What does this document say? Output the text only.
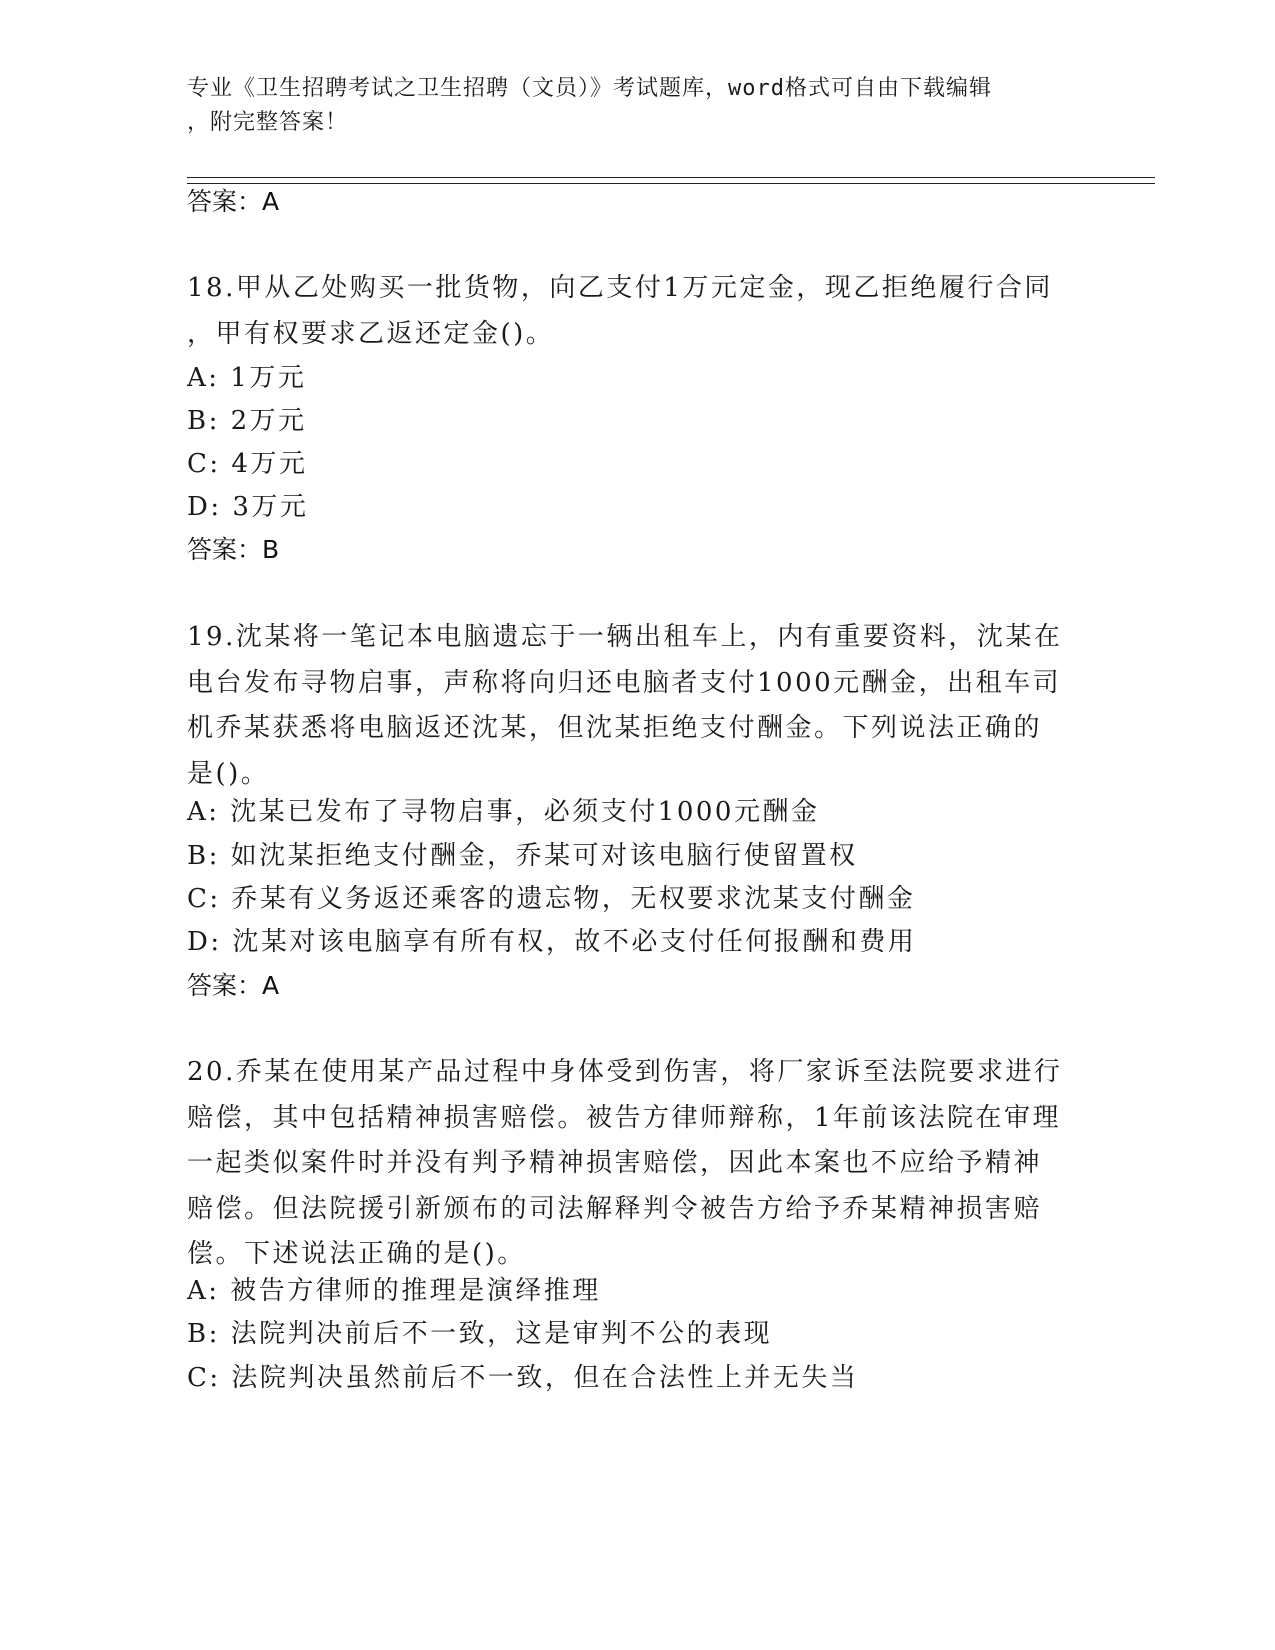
专业《卫生招聘考试之卫生招聘（文员）》考试题库，word格式可自由下载编辑
，附完整答案！
答案：A
18.甲从乙处购买一批货物，向乙支付1万元定金，现乙拒绝履行合同
，甲有权要求乙返还定金()。
A: 1万元
B: 2万元
C: 4万元
D: 3万元
答案：B
19.沈某将一笔记本电脑遗忘于一辆出租车上，内有重要资料，沈某在
电台发布寻物启事，声称将向归还电脑者支付1000元酬金，出租车司
机乔某获悉将电脑返还沈某，但沈某拒绝支付酬金。下列说法正确的
是()。
A: 沈某已发布了寻物启事，必须支付1000元酬金
B: 如沈某拒绝支付酬金，乔某可对该电脑行使留置权
C: 乔某有义务返还乘客的遗忘物，无权要求沈某支付酬金
D: 沈某对该电脑享有所有权，故不必支付任何报酬和费用
答案：A
20.乔某在使用某产品过程中身体受到伤害，将厂家诉至法院要求进行
赔偿，其中包括精神损害赔偿。被告方律师辩称，1年前该法院在审理
一起类似案件时并没有判予精神损害赔偿，因此本案也不应给予精神
赔偿。但法院援引新颁布的司法解释判令被告方给予乔某精神损害赔
偿。下述说法正确的是()。
A: 被告方律师的推理是演绎推理
B: 法院判决前后不一致，这是审判不公的表现
C: 法院判决虽然前后不一致，但在合法性上并无失当
